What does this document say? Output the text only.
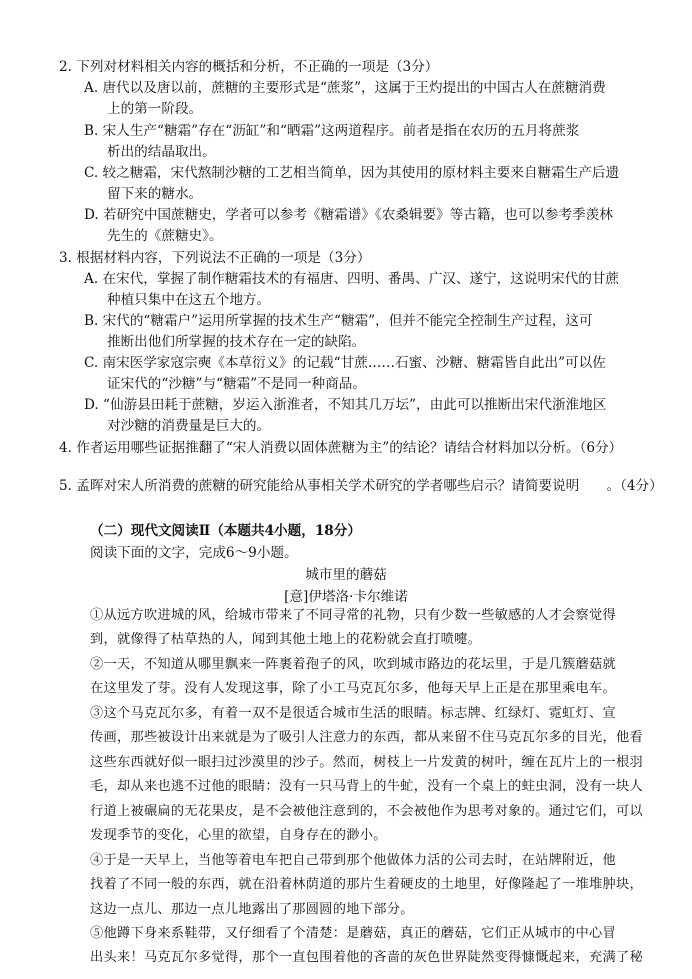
2. 下列对材料相关内容的概括和分析，不正确的一项是（3分）
A. 唐代以及唐以前，蔗糖的主要形式是“蔗浆”，这属于王灼提出的中国古人在蔗糖消费
上的第一阶段。
B. 宋人生产“糖霜”存在“沥缸”和“晒霜”这两道程序。前者是指在农历的五月将蔗浆
析出的结晶取出。
C. 较之糖霜，宋代熬制沙糖的工艺相当简单，因为其使用的原材料主要来自糖霜生产后遗
留下来的糖水。
D. 若研究中国蔗糖史，学者可以参考《糖霜谱》《农桑辑要》等古籍，也可以参考季羡林
先生的《蔗糖史》。
3. 根据材料内容，下列说法不正确的一项是（3分）
A. 在宋代，掌握了制作糖霜技术的有福唐、四明、番禺、广汉、遂宁，这说明宋代的甘蔗
种植只集中在这五个地方。
B. 宋代的“糖霜户”运用所掌握的技术生产“糖霜”，但并不能完全控制生产过程，这可
推断出他们所掌握的技术存在一定的缺陷。
C. 南宋医学家寇宗奭《本草衍义》的记载“甘蔗……石蜜、沙糖、糖霜皆自此出”可以佐
证宋代的“沙糖”与“糖霜”不是同一种商品。
D. “仙游县田耗于蔗糖，岁运入浙淮者，不知其几万坛”，由此可以推断出宋代浙淮地区
对沙糖的消费量是巨大的。
4. 作者运用哪些证据推翻了“宋人消费以固体蔗糖为主”的结论？请结合材料加以分析。（6分）
5. 孟晖对宋人所消费的蔗糖的研究能给从事相关学术研究的学者哪些启示？请简要说明　　。（4分）
（二）现代文阅读Ⅱ（本题共4小题，18分）
阅读下面的文字，完成6～9小题。
城市里的蘑菇
[意]伊塔洛·卡尔维诺
①从远方吹进城的风，给城市带来了不同寻常的礼物，只有少数一些敏感的人才会察觉得
到，就像得了枯草热的人，闻到其他土地上的花粉就会直打喷嚏。
②一天，不知道从哪里飘来一阵裹着孢子的风，吹到城市路边的花坛里，于是几簇蘑菇就
在这里发了芽。没有人发现这事，除了小工马克瓦尔多，他每天早上正是在那里乘电车。
③这个马克瓦尔多，有着一双不是很适合城市生活的眼睛。标志牌、红绿灯、霓虹灯、宣
传画，那些被设计出来就是为了吸引人注意力的东西，都从来留不住马克瓦尔多的目光，他看
这些东西就好似一眼扫过沙漠里的沙子。然而，树枝上一片发黄的树叶，缠在瓦片上的一根羽
毛，却从来也逃不过他的眼睛：没有一只马背上的牛虻，没有一个桌上的蛀虫洞，没有一块人
行道上被碾扁的无花果皮，是不会被他注意到的，不会被他作为思考对象的。通过它们，可以
发现季节的变化，心里的欲望，自身存在的渺小。
④于是一天早上，当他等着电车把自己带到那个他做体力活的公司去时，在站牌附近，他
找着了不同一般的东西，就在沿着林荫道的那片生着硬皮的土地里，好像隆起了一堆堆肿块，
这边一点儿、那边一点儿地露出了那圆圆的地下部分。
⑤他蹲下身来系鞋带，又仔细看了个清楚：是蘑菇，真正的蘑菇，它们正从城市的中心冒
出头来！马克瓦尔多觉得，那个一直包围着他的吝啬的灰色世界陡然变得慷慨起来，充满了秘
